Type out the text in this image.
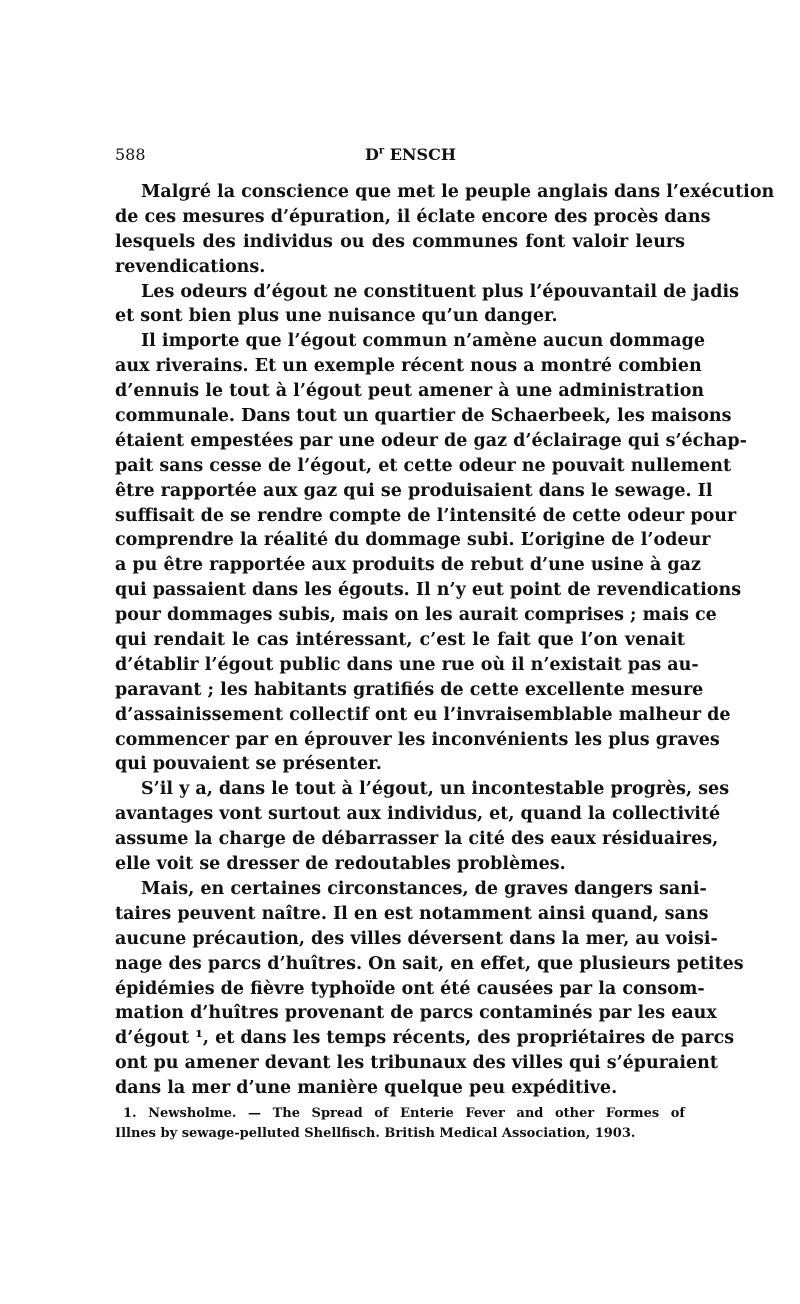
588	$D^r$ ENSCH
Malgré la conscience que met le peuple anglais dans l’exécution
de ces mesures d’épuration, il éclate encore des procès dans
lesquels des individus ou des communes font valoir leurs
revendications.
Les odeurs d’égout ne constituent plus l’épouvantail de jadis
et sont bien plus une nuisance qu’un danger.
Il importe que l’égout commun n’amène aucun dommage
aux riverains. Et un exemple récent nous a montré combien
d’ennuis le tout à l’égout peut amener à une administration
communale. Dans tout un quartier de Schaerbeek, les maisons
étaient empestées par une odeur de gaz d’éclairage qui s’échap-
pait sans cesse de l’égout, et cette odeur ne pouvait nullement
être rapportée aux gaz qui se produisaient dans le sewage. Il
suffisait de se rendre compte de l’intensité de cette odeur pour
comprendre la réalité du dommage subi. L’origine de l’odeur
a pu être rapportée aux produits de rebut d’une usine à gaz
qui passaient dans les égouts. Il n’y eut point de revendications
pour dommages subis, mais on les aurait comprises ; mais ce
qui rendait le cas intéressant, c’est le fait que l’on venait
d’établir l’égout public dans une rue où il n’existait pas au-
paravant ; les habitants gratifiés de cette excellente mesure
d’assainissement collectif ont eu l’invraisemblable malheur de
commencer par en éprouver les inconvénients les plus graves
qui pouvaient se présenter.
S’il y a, dans le tout à l’égout, un incontestable progrès, ses
avantages vont surtout aux individus, et, quand la collectivité
assume la charge de débarrasser la cité des eaux résiduaires,
elle voit se dresser de redoutables problèmes.
Mais, en certaines circonstances, de graves dangers sani-
taires peuvent naître. Il en est notamment ainsi quand, sans
aucune précaution, des villes déversent dans la mer, au voisi-
nage des parcs d’huîtres. On sait, en effet, que plusieurs petites
épidémies de fièvre typhoïde ont été causées par la consom-
mation d’huîtres provenant de parcs contaminés par les eaux
d’égout ¹, et dans les temps récents, des propriétaires de parcs
ont pu amener devant les tribunaux des villes qui s’épuraient
dans la mer d’une manière quelque peu expéditive.
1. Newsholme. — The Spread of Enterie Fever and other Formes of
Illnes by sewage-pelluted Shellfisch. British Medical Association, 1903.
